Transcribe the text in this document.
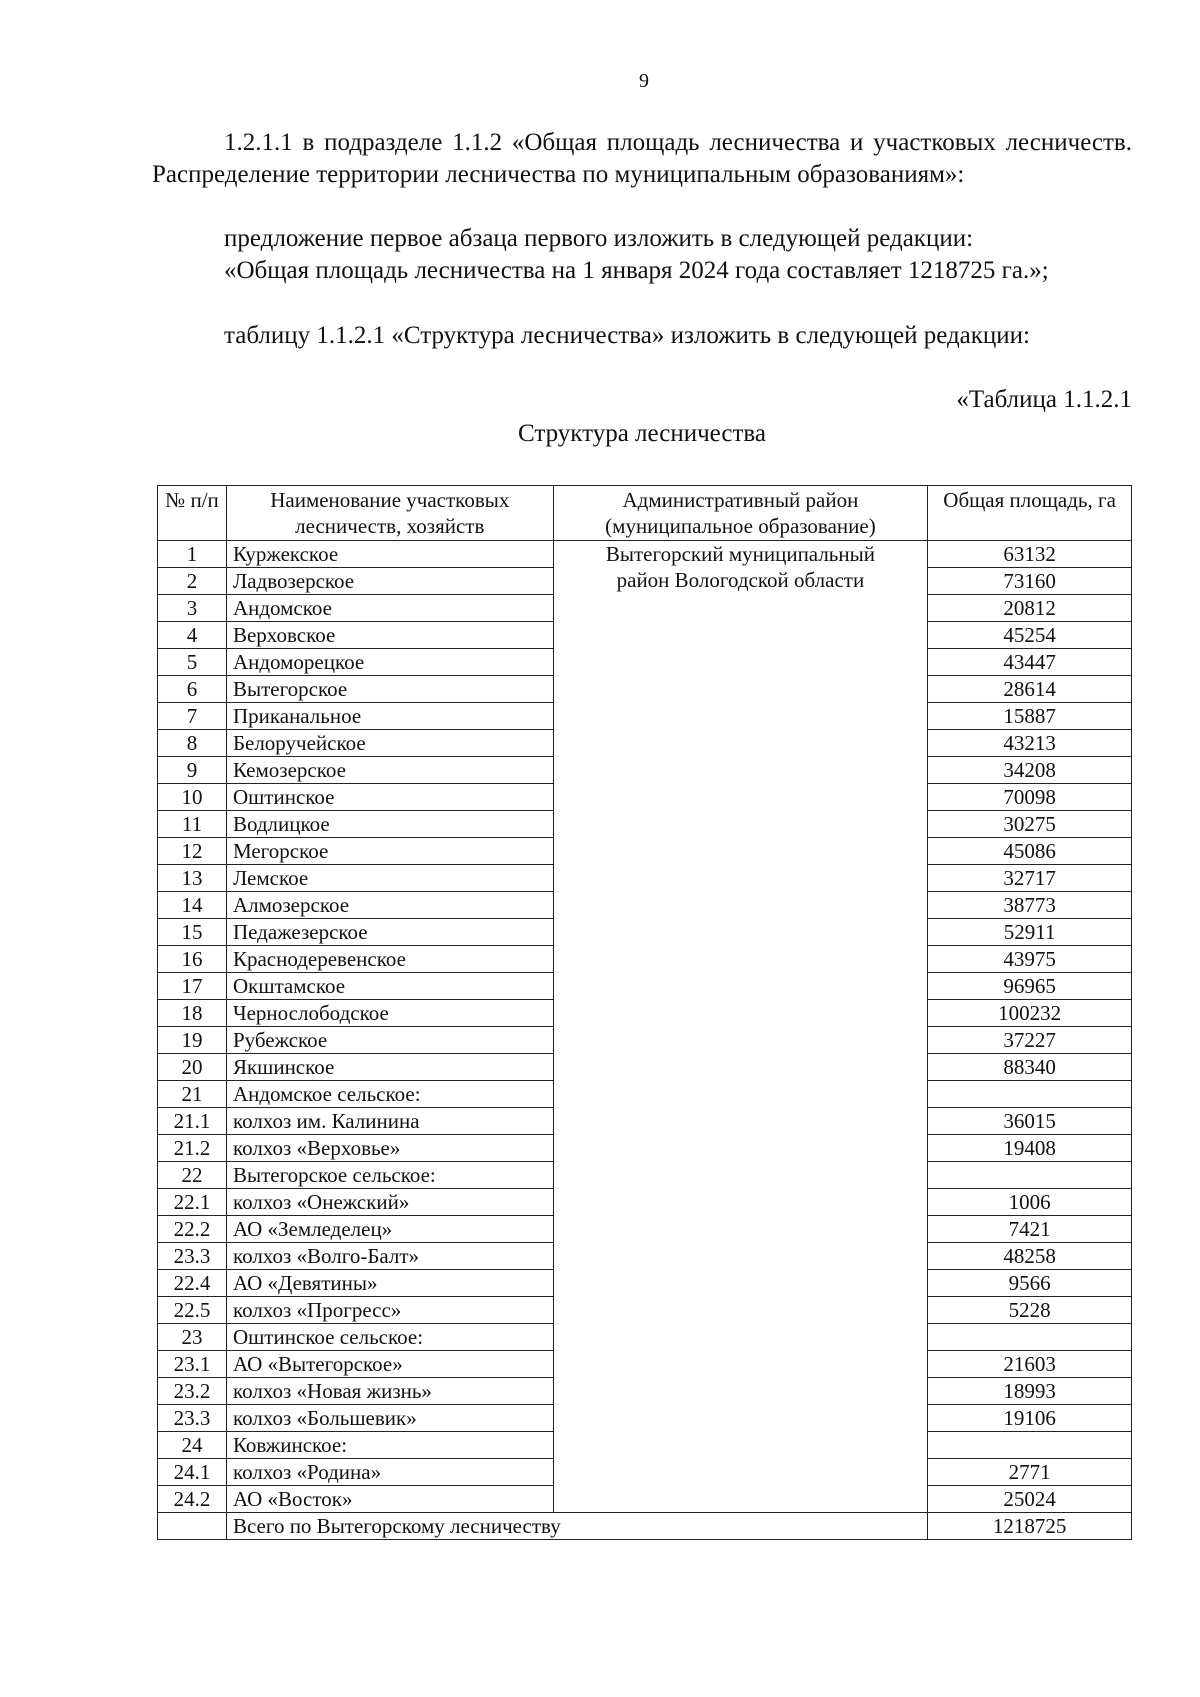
9
1.2.1.1 в подразделе 1.1.2 «Общая площадь лесничества и участковых лесничеств. Распределение территории лесничества по муниципальным образованиям»:
предложение первое абзаца первого изложить в следующей редакции:
«Общая площадь лесничества на 1 января 2024 года составляет 1218725 га.»;
таблицу 1.1.2.1 «Структура лесничества» изложить в следующей редакции:
«Таблица 1.1.2.1
Структура лесничества
№ п/п	Наименование участковых лесничеств, хозяйств	Административный район (муниципальное образование)	Общая площадь, га
1	Куржекское	Вытегорский муниципальный район Вологодской области	63132
2	Ладвозерское		73160
3	Андомское		20812
4	Верховское		45254
5	Андоморецкое		43447
6	Вытегорское		28614
7	Приканальное		15887
8	Белоручейское		43213
9	Кемозерское		34208
10	Оштинское		70098
11	Водлицкое		30275
12	Мегорское		45086
13	Лемское		32717
14	Алмозерское		38773
15	Педажезерское		52911
16	Краснодеревенское		43975
17	Окштамское		96965
18	Чернослободское		100232
19	Рубежское		37227
20	Якшинское		88340
21	Андомское сельское:		
21.1	колхоз им. Калинина		36015
21.2	колхоз «Верховье»		19408
22	Вытегорское сельское:		
22.1	колхоз «Онежский»		1006
22.2	АО «Земледелец»		7421
23.3	колхоз «Волго-Балт»		48258
22.4	АО «Девятины»		9566
22.5	колхоз «Прогресс»		5228
23	Оштинское сельское:		
23.1	АО «Вытегорское»		21603
23.2	колхоз «Новая жизнь»		18993
23.3	колхоз «Большевик»		19106
24	Ковжинское:		
24.1	колхоз «Родина»		2771
24.2	АО «Восток»		25024
	Всего по Вытегорскому лесничеству		1218725
